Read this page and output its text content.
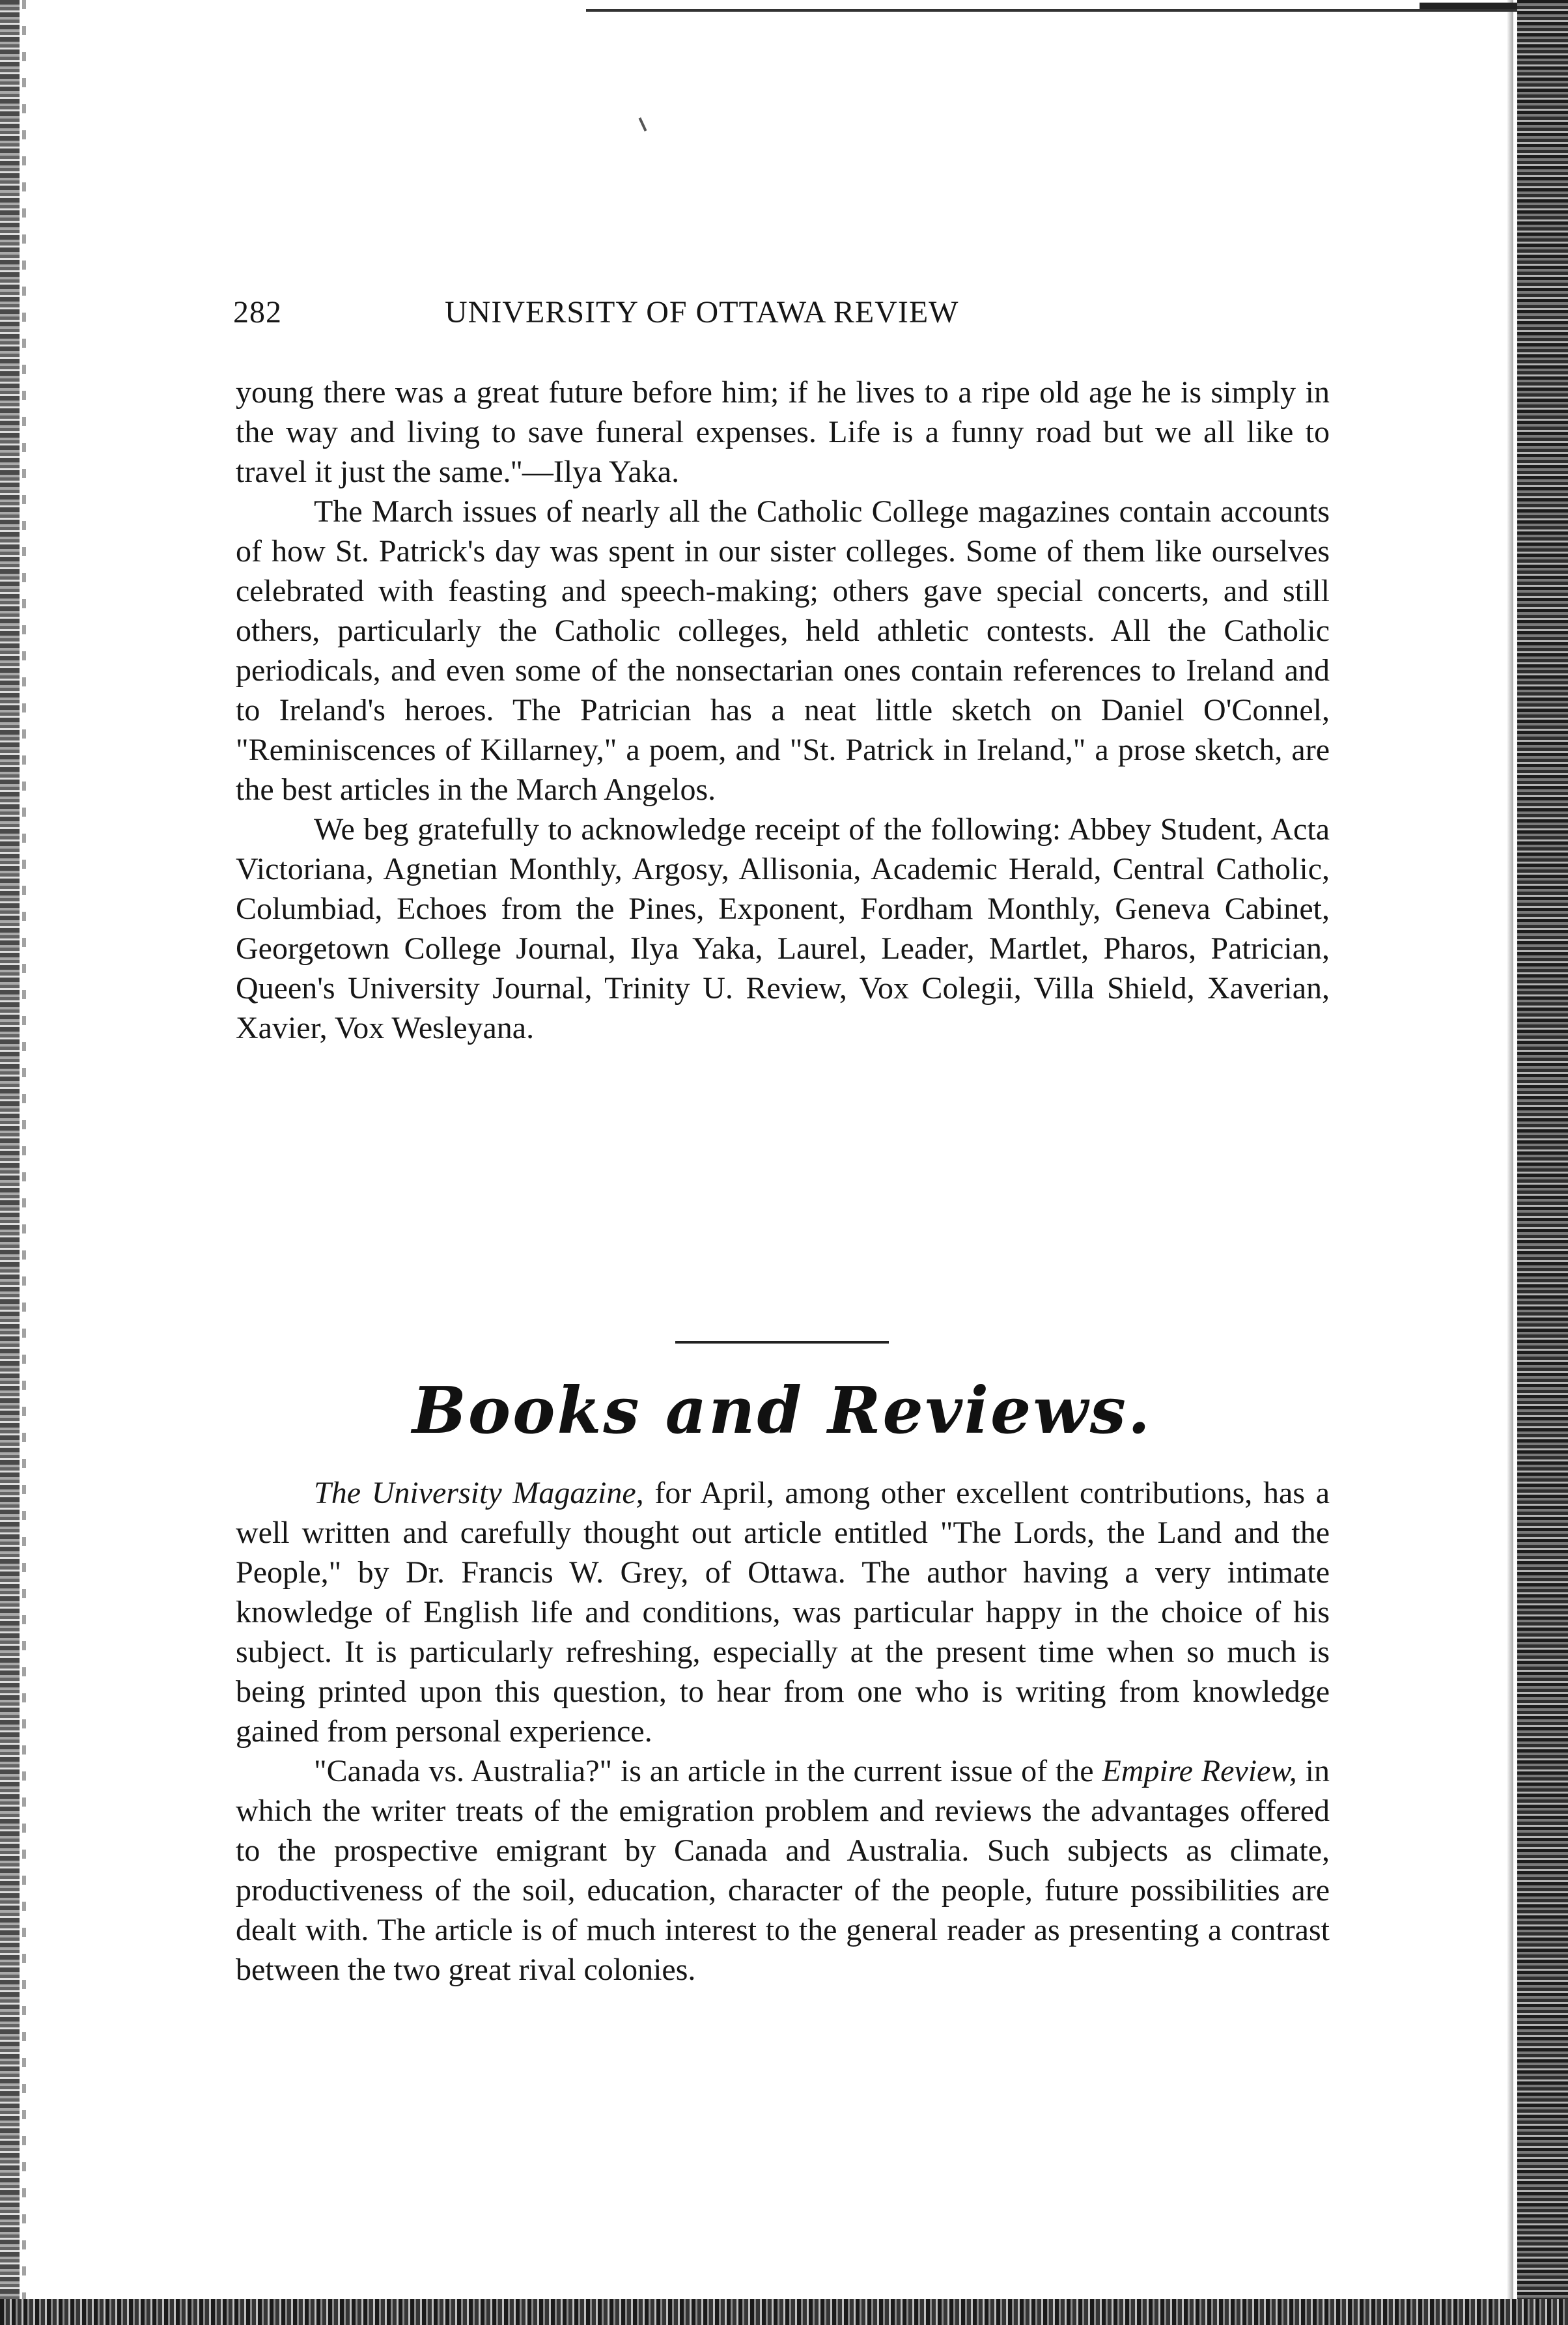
282	UNIVERSITY OF OTTAWA REVIEW

young there was a great future before him; if he lives to a ripe old age he is simply in the way and living to save funeral expenses. Life is a funny road but we all like to travel it just the same.''—Ilya Yaka.

The March issues of nearly all the Catholic College magazines contain accounts of how St. Patrick's day was spent in our sister colleges. Some of them like ourselves celebrated with feasting and speech-making; others gave special concerts, and still others, particularly the Catholic colleges, held athletic contests. All the Catholic periodicals, and even some of the nonsectarian ones contain references to Ireland and to Ireland's heroes. The Patrician has a neat little sketch on Daniel O'Connel, "Reminiscences of Killarney," a poem, and "St. Patrick in Ireland," a prose sketch, are the best articles in the March Angelos.

We beg gratefully to acknowledge receipt of the following: Abbey Student, Acta Victoriana, Agnetian Monthly, Argosy, Allisonia, Academic Herald, Central Catholic, Columbiad, Echoes from the Pines, Exponent, Fordham Monthly, Geneva Cabinet, Georgetown College Journal, Ilya Yaka, Laurel, Leader, Martlet, Pharos, Patrician, Queen's University Journal, Trinity U. Review, Vox Colegii, Villa Shield, Xaverian, Xavier, Vox Wesleyana.

Books and Reviews.

The University Magazine, for April, among other excellent contributions, has a well written and carefully thought out article entitled "The Lords, the Land and the People," by Dr. Francis W. Grey, of Ottawa. The author having a very intimate knowledge of English life and conditions, was particular happy in the choice of his subject. It is particularly refreshing, especially at the present time when so much is being printed upon this question, to hear from one who is writing from knowledge gained from personal experience.

"Canada vs. Australia?" is an article in the current issue of the Empire Review, in which the writer treats of the emigration problem and reviews the advantages offered to the prospective emigrant by Canada and Australia. Such subjects as climate, productiveness of the soil, education, character of the people, future possibilities are dealt with. The article is of much interest to the general reader as presenting a contrast between the two great rival colonies.
